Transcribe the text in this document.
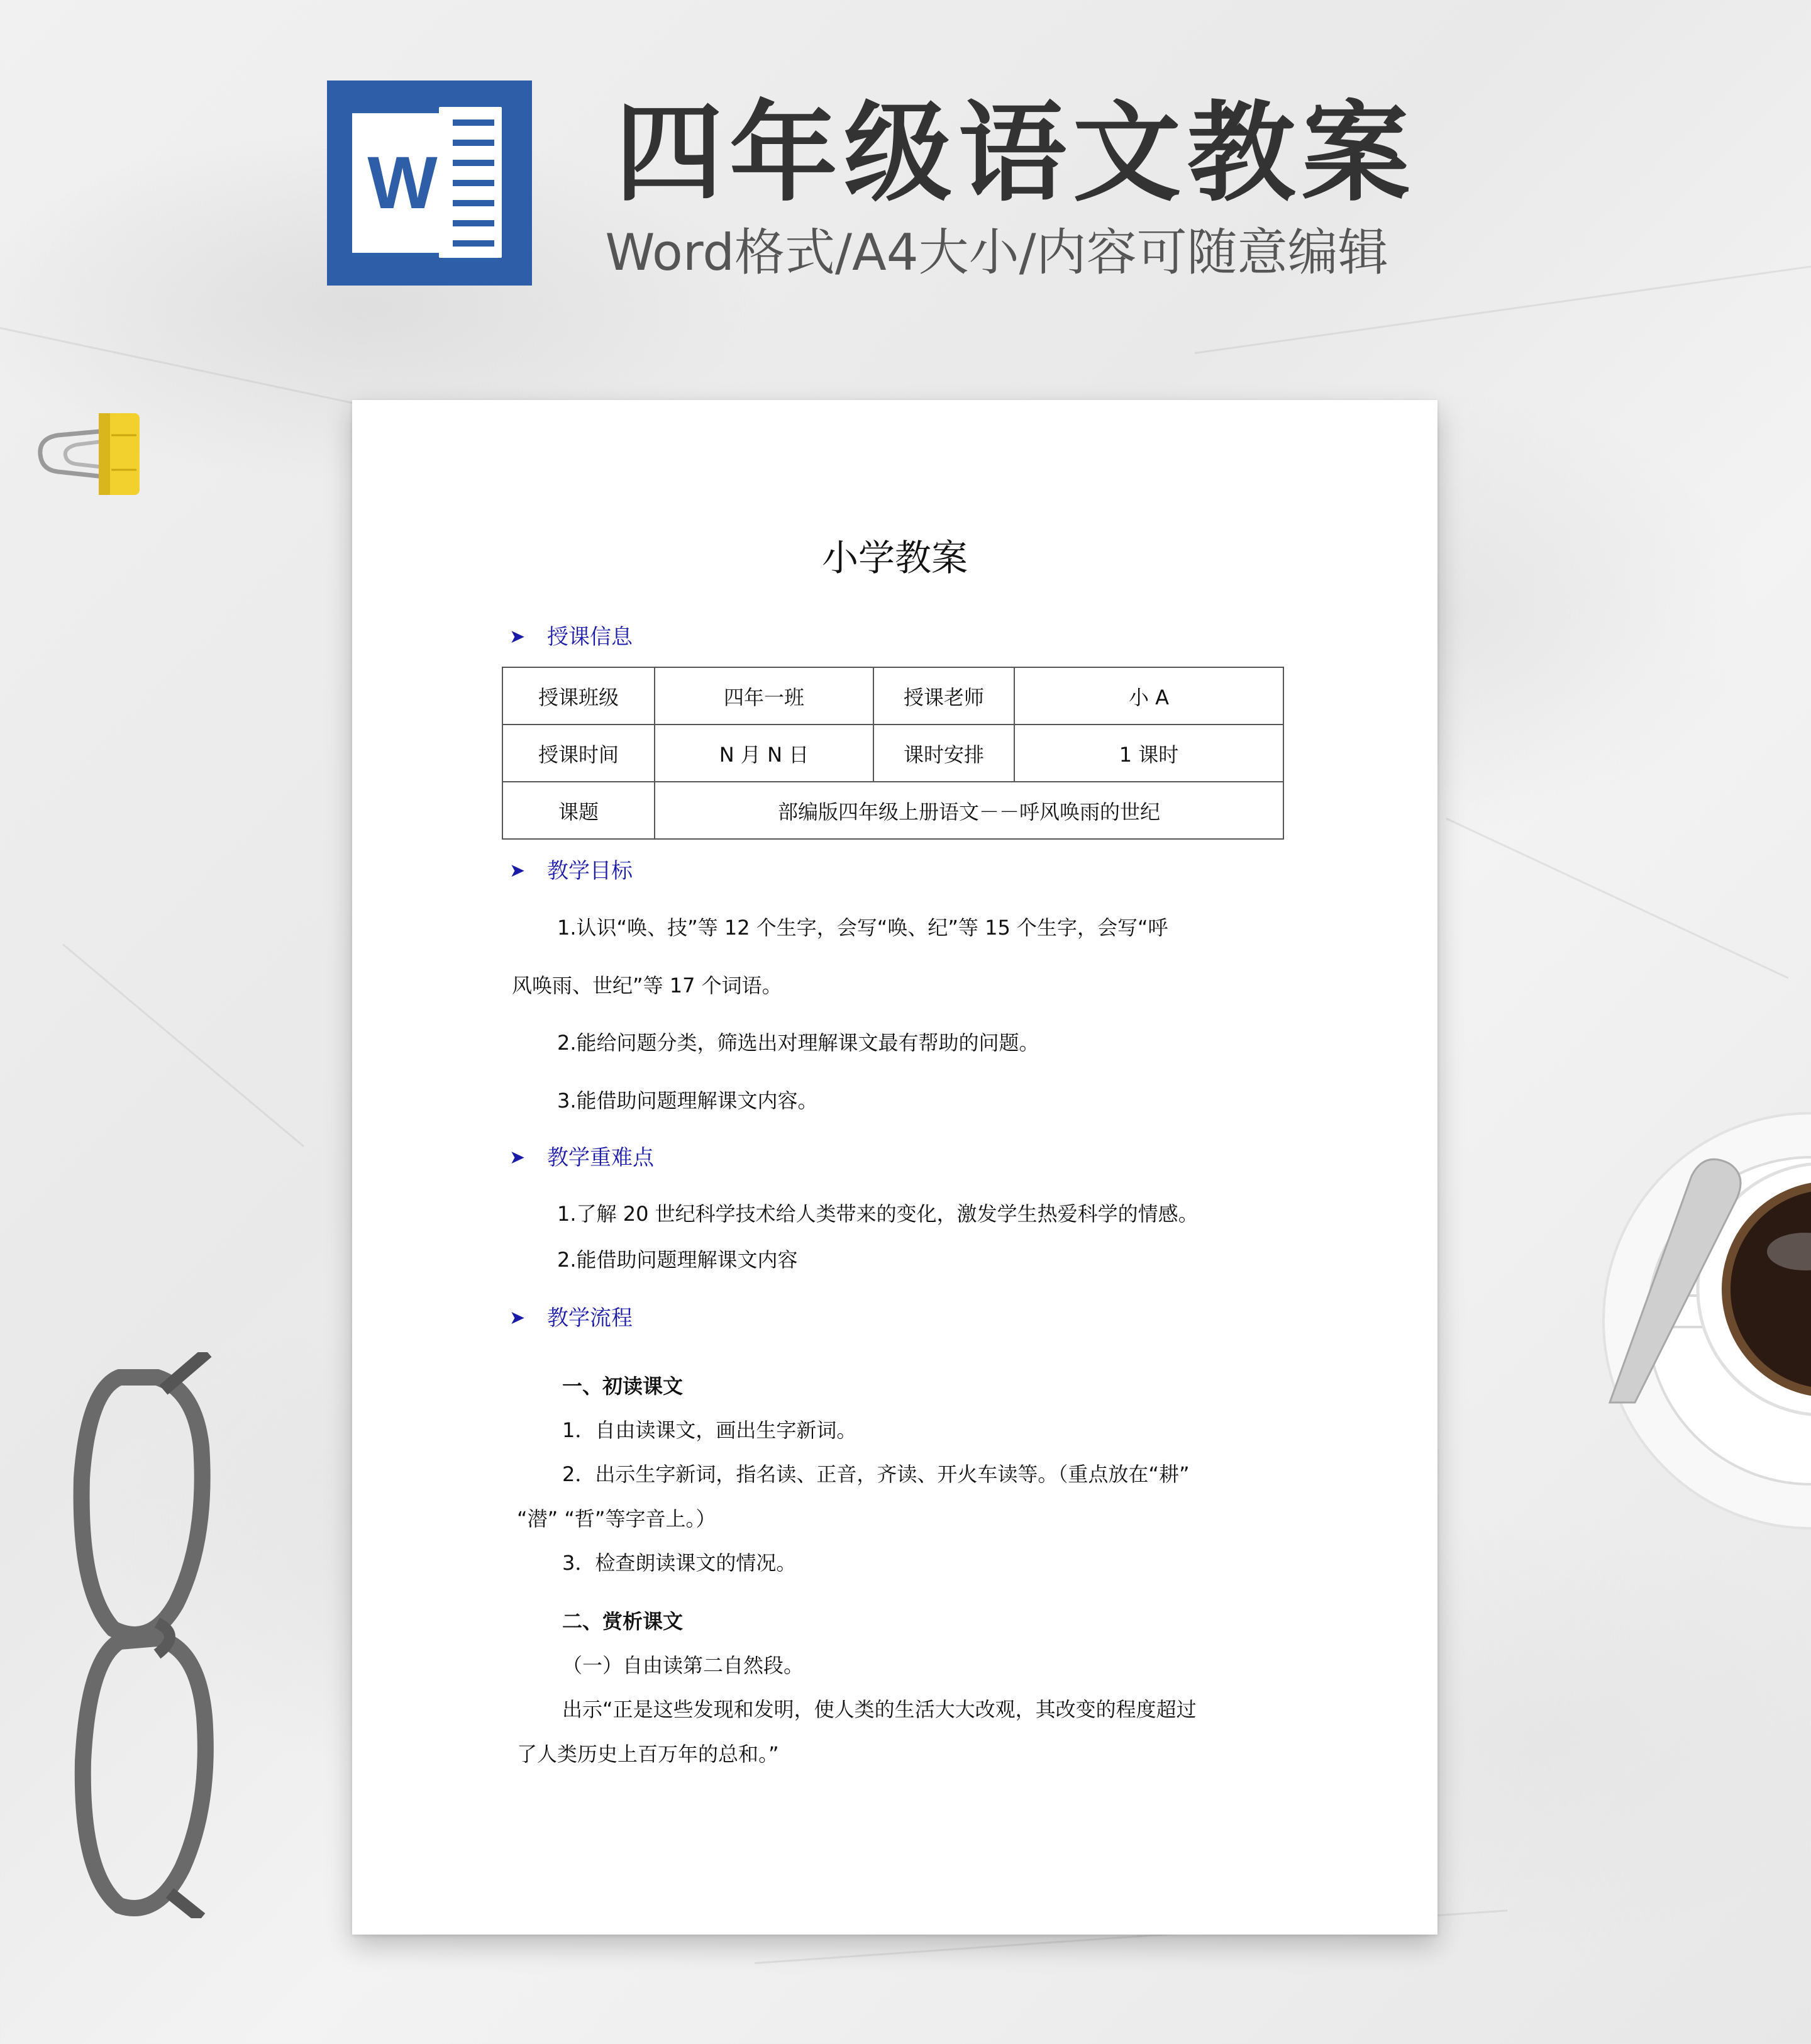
W 四年级语文教案
Word格式/A4大小/内容可随意编辑
小学教案
➤ 授课信息
授课班级	四年一班	授课老师	小 A
授课时间	N 月 N 日	课时安排	1 课时
课题	部编版四年级上册语文－－呼风唤雨的世纪		
➤ 教学目标
1.认识“唤、技”等 12 个生字，会写“唤、纪”等 15 个生字，会写“呼
风唤雨、世纪”等 17 个词语。
2.能给问题分类，筛选出对理解课文最有帮助的问题。
3.能借助问题理解课文内容。
➤ 教学重难点
1.了解 20 世纪科学技术给人类带来的变化，激发学生热爱科学的情感。
2.能借助问题理解课文内容
➤ 教学流程
一、初读课文
1．自由读课文，画出生字新词。
2．出示生字新词，指名读、正音，齐读、开火车读等。（重点放在“耕”
“潜” “哲”等字音上。）
3．检查朗读课文的情况。
二、赏析课文
（一）自由读第二自然段。
出示“正是这些发现和发明，使人类的生活大大改观，其改变的程度超过
了人类历史上百万年的总和。”
